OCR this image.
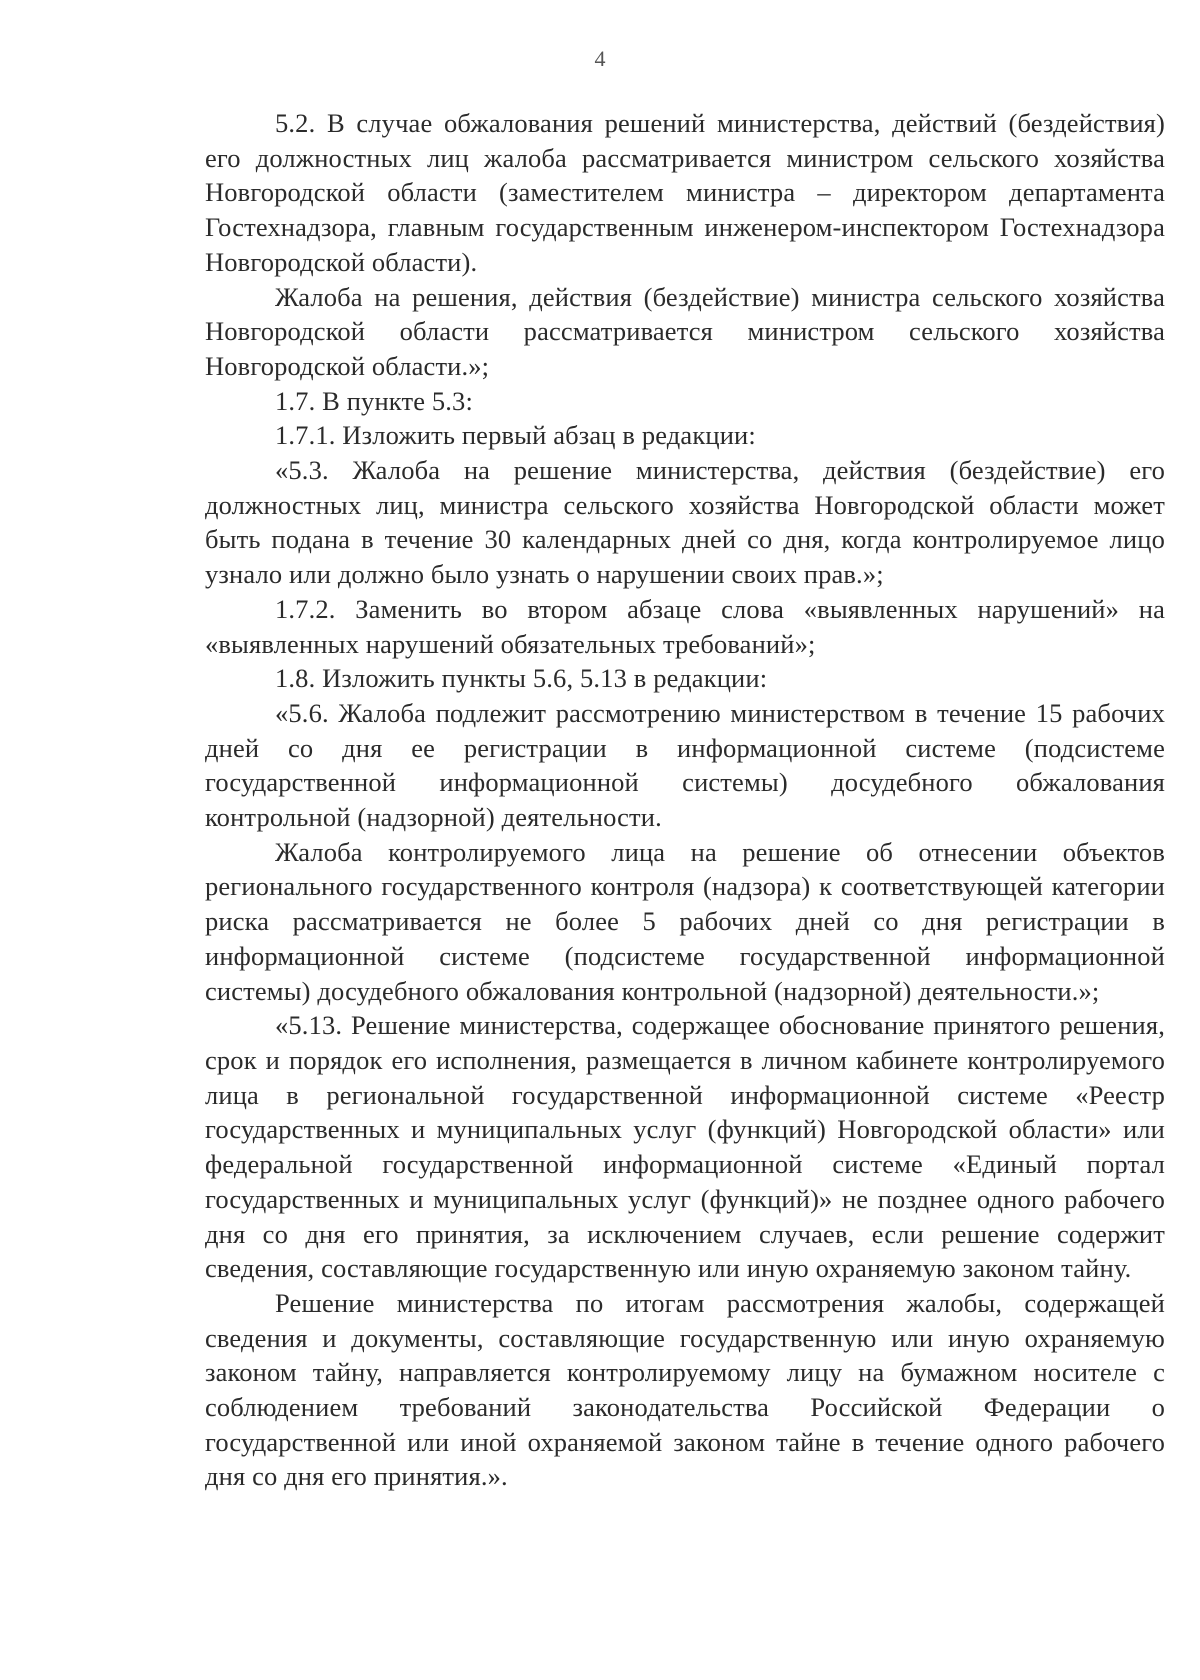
4

5.2. В случае обжалования решений министерства, действий (бездействия) его должностных лиц жалоба рассматривается министром сельского хозяйства Новгородской области (заместителем министра – директором департамента Гостехнадзора, главным государственным инженером-инспектором Гостехнадзора Новгородской области).

Жалоба на решения, действия (бездействие) министра сельского хозяйства Новгородской области рассматривается министром сельского хозяйства Новгородской области.»;

1.7. В пункте 5.3:

1.7.1. Изложить первый абзац в редакции:

«5.3. Жалоба на решение министерства, действия (бездействие) его должностных лиц, министра сельского хозяйства Новгородской области может быть подана в течение 30 календарных дней со дня, когда контролируемое лицо узнало или должно было узнать о нарушении своих прав.»;

1.7.2. Заменить во втором абзаце слова «выявленных нарушений» на «выявленных нарушений обязательных требований»;

1.8. Изложить пункты 5.6, 5.13 в редакции:

«5.6. Жалоба подлежит рассмотрению министерством в течение 15 рабочих дней со дня ее регистрации в информационной системе (подсистеме государственной информационной системы) досудебного обжалования контрольной (надзорной) деятельности.

Жалоба контролируемого лица на решение об отнесении объектов регионального государственного контроля (надзора) к соответствующей категории риска рассматривается не более 5 рабочих дней со дня регистрации в информационной системе (подсистеме государственной информационной системы) досудебного обжалования контрольной (надзорной) деятельности.»;

«5.13. Решение министерства, содержащее обоснование принятого решения, срок и порядок его исполнения, размещается в личном кабинете контролируемого лица в региональной государственной информационной системе «Реестр государственных и муниципальных услуг (функций) Новгородской области» или федеральной государственной информационной системе «Единый портал государственных и муниципальных услуг (функций)» не позднее одного рабочего дня со дня его принятия, за исключением случаев, если решение содержит сведения, составляющие государственную или иную охраняемую законом тайну.

Решение министерства по итогам рассмотрения жалобы, содержащей сведения и документы, составляющие государственную или иную охраняемую законом тайну, направляется контролируемому лицу на бумажном носителе с соблюдением требований законодательства Российской Федерации о государственной или иной охраняемой законом тайне в течение одного рабочего дня со дня его принятия.».
